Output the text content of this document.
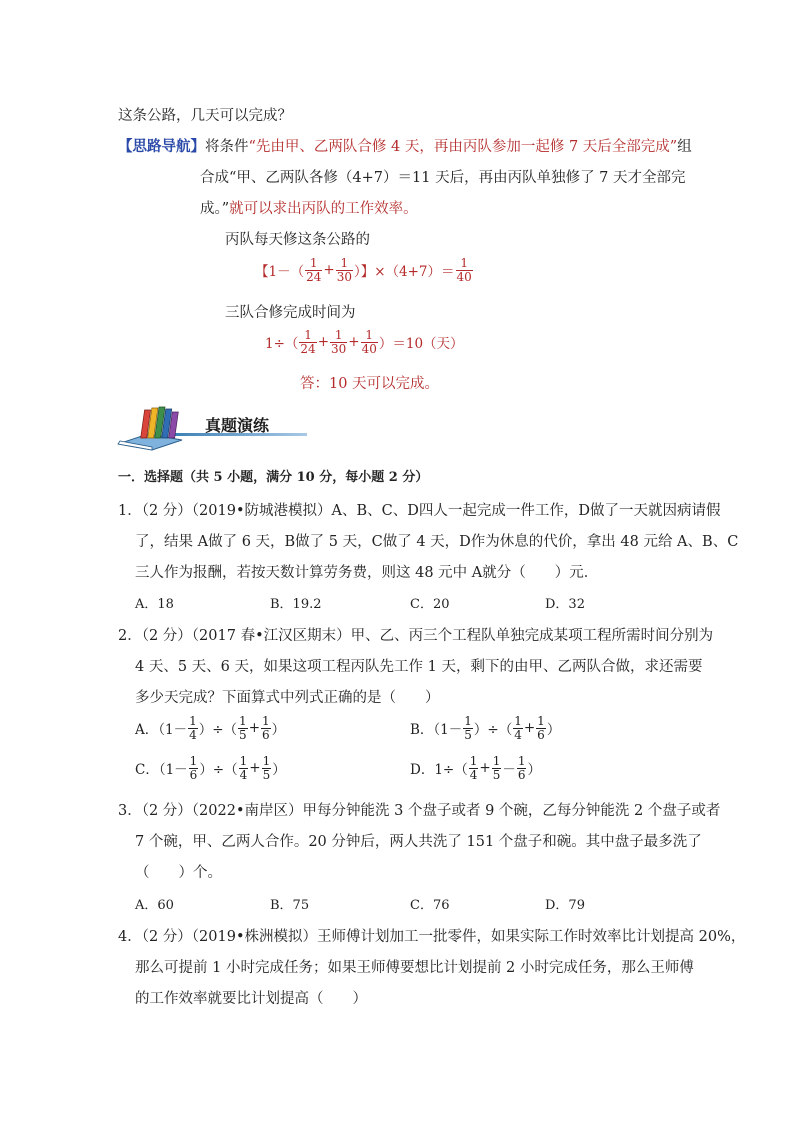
这条公路，几天可以完成？
【思路导航】将条件“先由甲、乙两队合修 4 天，再由丙队参加一起修 7 天后全部完成”组
合成“甲、乙两队各修（4+7）＝11 天后，再由丙队单独修了 7 天才全部完
成。”就可以求出丙队的工作效率。
丙队每天修这条公路的
【$1-( \frac{1}{24} + \frac{1}{30}$ ）】$\times(4+7)= \frac{1}{40}$
三队合修完成时间为
$1\div( \frac{1}{24} + \frac{1}{30} + \frac{1}{40} )=10$（天）
答：10 天可以完成。
真题演练
一．选择题（共 5 小题，满分 10 分，每小题 2 分）
1．（2 分）（2019•防城港模拟）A、B、C、D四人一起完成一件工作，D做了一天就因病请假
了，结果 A做了 6 天，B做了 5 天，C做了 4 天，D作为休息的代价，拿出 48 元给 A、B、C
三人作为报酬，若按天数计算劳务费，则这 48 元中 A就分（　　）元．
A．18	B．19.2	C．20	D．32
2．（2 分）（2017 春•江汉区期末）甲、乙、丙三个工程队单独完成某项工程所需时间分别为
4 天、5 天、6 天，如果这项工程丙队先工作 1 天，剩下的由甲、乙两队合做，求还需要
多少天完成？下面算式中列式正确的是（　　）
A．（$1- \frac{1}{4}$ ）÷（ $\frac{1}{5} + \frac{1}{6}$ ）	B．（$1- \frac{1}{5}$ ）÷（ $\frac{1}{4} + \frac{1}{6}$ ）
C．（$1- \frac{1}{6}$ ）÷（ $\frac{1}{4} + \frac{1}{5}$ ）	D．$1\div( \frac{1}{4} + \frac{1}{5} - \frac{1}{6}$ ）
3．（2 分）（2022•南岸区）甲每分钟能洗 3 个盘子或者 9 个碗，乙每分钟能洗 2 个盘子或者
7 个碗，甲、乙两人合作。20 分钟后，两人共洗了 151 个盘子和碗。其中盘子最多洗了
（　　）个。
A．60	B．75	C．76	D．79
4．（2 分）（2019•株洲模拟）王师傅计划加工一批零件，如果实际工作时效率比计划提高 20%，
那么可提前 1 小时完成任务；如果王师傅要想比计划提前 2 小时完成任务，那么王师傅
的工作效率就要比计划提高（　　）
